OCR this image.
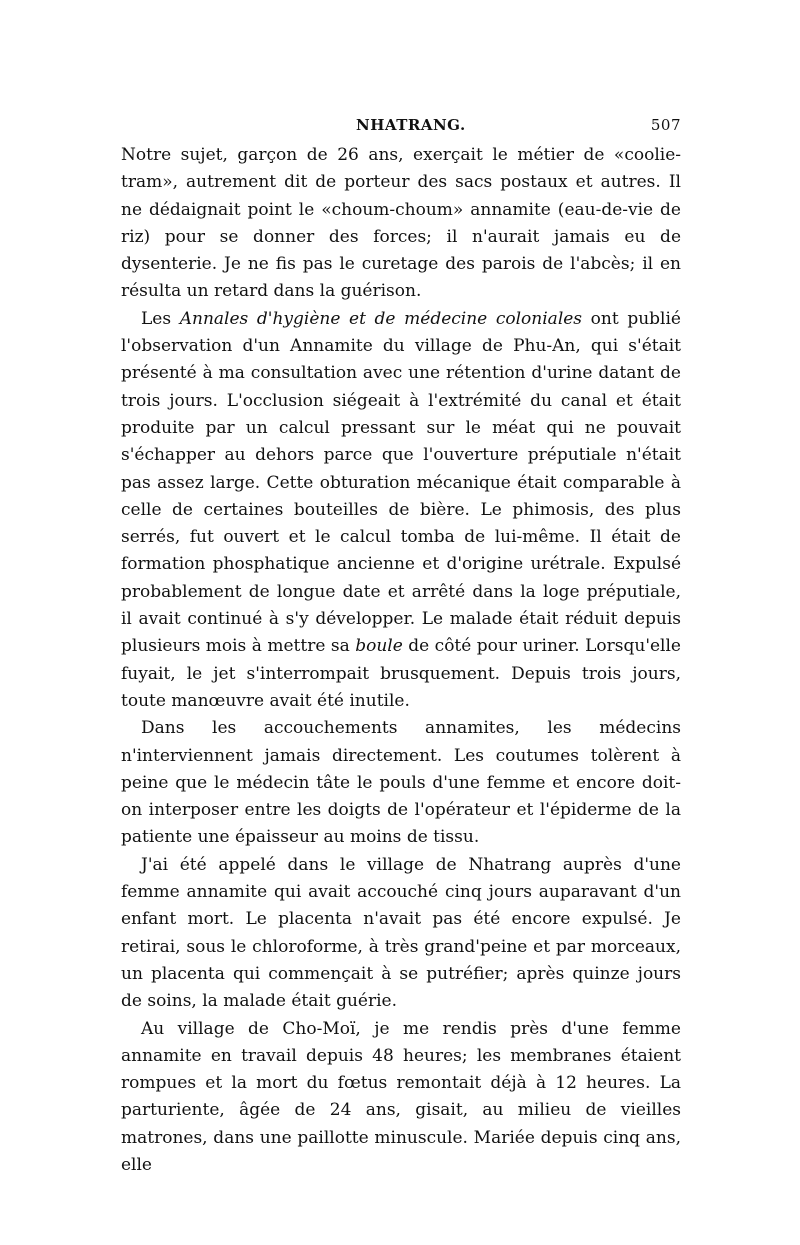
NHATRANG.	507

Notre sujet, garçon de 26 ans, exerçait le métier de «coolie-tram», autrement dit de porteur des sacs postaux et autres. Il ne dédaignait point le «choum-choum» annamite (eau-de-vie de riz) pour se donner des forces; il n'aurait jamais eu de dysenterie. Je ne fis pas le curetage des parois de l'abcès; il en résulta un retard dans la guérison.

Les Annales d'hygiène et de médecine coloniales ont publié l'observation d'un Annamite du village de Phu-An, qui s'était présenté à ma consultation avec une rétention d'urine datant de trois jours. L'occlusion siégeait à l'extrémité du canal et était produite par un calcul pressant sur le méat qui ne pouvait s'échapper au dehors parce que l'ouverture préputiale n'était pas assez large. Cette obturation mécanique était comparable à celle de certaines bouteilles de bière. Le phimosis, des plus serrés, fut ouvert et le calcul tomba de lui-même. Il était de formation phosphatique ancienne et d'origine urétrale. Expulsé probablement de longue date et arrêté dans la loge préputiale, il avait continué à s'y développer. Le malade était réduit depuis plusieurs mois à mettre sa boule de côté pour uriner. Lorsqu'elle fuyait, le jet s'interrompait brusquement. Depuis trois jours, toute manœuvre avait été inutile.

Dans les accouchements annamites, les médecins n'interviennent jamais directement. Les coutumes tolèrent à peine que le médecin tâte le pouls d'une femme et encore doit-on interposer entre les doigts de l'opérateur et l'épiderme de la patiente une épaisseur au moins de tissu.

J'ai été appelé dans le village de Nhatrang auprès d'une femme annamite qui avait accouché cinq jours auparavant d'un enfant mort. Le placenta n'avait pas été encore expulsé. Je retirai, sous le chloroforme, à très grand'peine et par morceaux, un placenta qui commençait à se putréfier; après quinze jours de soins, la malade était guérie.

Au village de Cho-Moï, je me rendis près d'une femme annamite en travail depuis 48 heures; les membranes étaient rompues et la mort du fœtus remontait déjà à 12 heures. La parturiente, âgée de 24 ans, gisait, au milieu de vieilles matrones, dans une paillotte minuscule. Mariée depuis cinq ans, elle
